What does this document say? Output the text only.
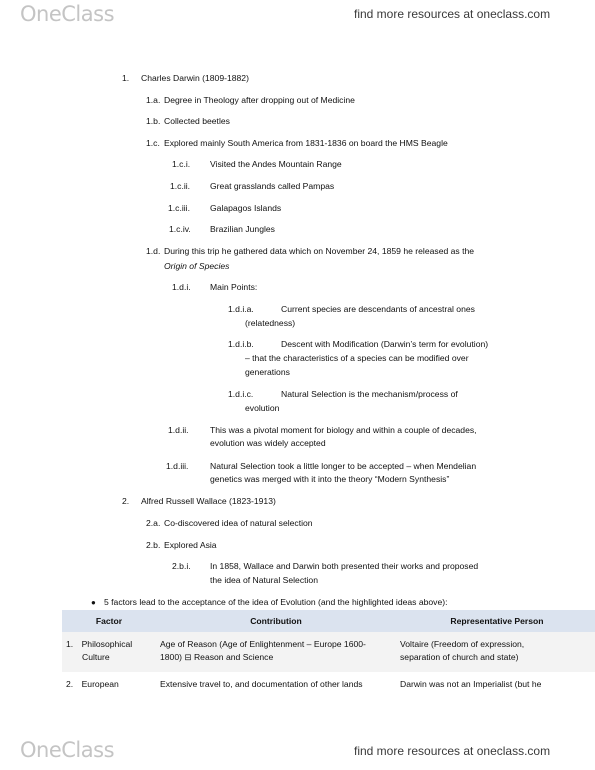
OneClass	find more resources at oneclass.com
1. Charles Darwin (1809-1882)
1.a. Degree in Theology after dropping out of Medicine
1.b. Collected beetles
1.c. Explored mainly South America from 1831-1836 on board the HMS Beagle
1.c.i. Visited the Andes Mountain Range
1.c.ii. Great grasslands called Pampas
1.c.iii. Galapagos Islands
1.c.iv. Brazilian Jungles
1.d. During this trip he gathered data which on November 24, 1859 he released as the
Origin of Species
1.d.i. Main Points:
1.d.i.a.	Current species are descendants of ancestral ones
(relatedness)
1.d.i.b.	Descent with Modification (Darwin’s term for evolution)
– that the characteristics of a species can be modified over
generations
1.d.i.c.	Natural Selection is the mechanism/process of
evolution
1.d.ii. This was a pivotal moment for biology and within a couple of decades,
evolution was widely accepted
1.d.iii.	Natural Selection took a little longer to be accepted – when Mendelian
genetics was merged with it into the theory “Modern Synthesis”
2. Alfred Russell Wallace (1823-1913)
2.a. Co-discovered idea of natural selection
2.b. Explored Asia
2.b.i. In 1858, Wallace and Darwin both presented their works and proposed
the idea of Natural Selection
● 5 factors lead to the acceptance of the idea of Evolution (and the highlighted ideas above):
Factor	Contribution	Representative Person
1. Philosophical
Culture	Age of Reason (Age of Enlightenment – Europe 1600-
1800) ⊟ Reason and Science	Voltaire (Freedom of expression,
separation of church and state)
2. European	Extensive travel to, and documentation of other lands	Darwin was not an Imperialist (but he
OneClass	find more resources at oneclass.com
